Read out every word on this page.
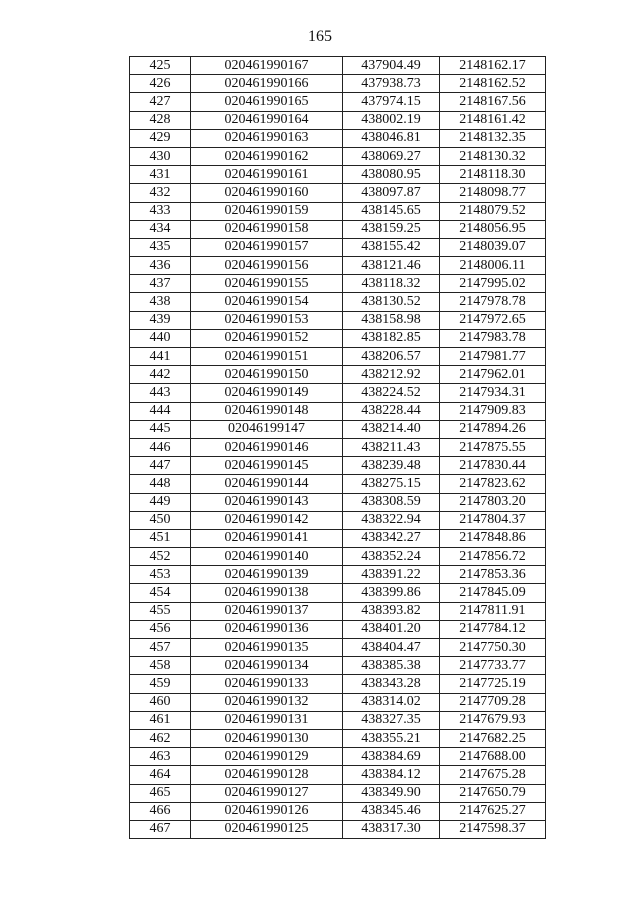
165
425	020461990167	437904.49	2148162.17
426	020461990166	437938.73	2148162.52
427	020461990165	437974.15	2148167.56
428	020461990164	438002.19	2148161.42
429	020461990163	438046.81	2148132.35
430	020461990162	438069.27	2148130.32
431	020461990161	438080.95	2148118.30
432	020461990160	438097.87	2148098.77
433	020461990159	438145.65	2148079.52
434	020461990158	438159.25	2148056.95
435	020461990157	438155.42	2148039.07
436	020461990156	438121.46	2148006.11
437	020461990155	438118.32	2147995.02
438	020461990154	438130.52	2147978.78
439	020461990153	438158.98	2147972.65
440	020461990152	438182.85	2147983.78
441	020461990151	438206.57	2147981.77
442	020461990150	438212.92	2147962.01
443	020461990149	438224.52	2147934.31
444	020461990148	438228.44	2147909.83
445	02046199147	438214.40	2147894.26
446	020461990146	438211.43	2147875.55
447	020461990145	438239.48	2147830.44
448	020461990144	438275.15	2147823.62
449	020461990143	438308.59	2147803.20
450	020461990142	438322.94	2147804.37
451	020461990141	438342.27	2147848.86
452	020461990140	438352.24	2147856.72
453	020461990139	438391.22	2147853.36
454	020461990138	438399.86	2147845.09
455	020461990137	438393.82	2147811.91
456	020461990136	438401.20	2147784.12
457	020461990135	438404.47	2147750.30
458	020461990134	438385.38	2147733.77
459	020461990133	438343.28	2147725.19
460	020461990132	438314.02	2147709.28
461	020461990131	438327.35	2147679.93
462	020461990130	438355.21	2147682.25
463	020461990129	438384.69	2147688.00
464	020461990128	438384.12	2147675.28
465	020461990127	438349.90	2147650.79
466	020461990126	438345.46	2147625.27
467	020461990125	438317.30	2147598.37
